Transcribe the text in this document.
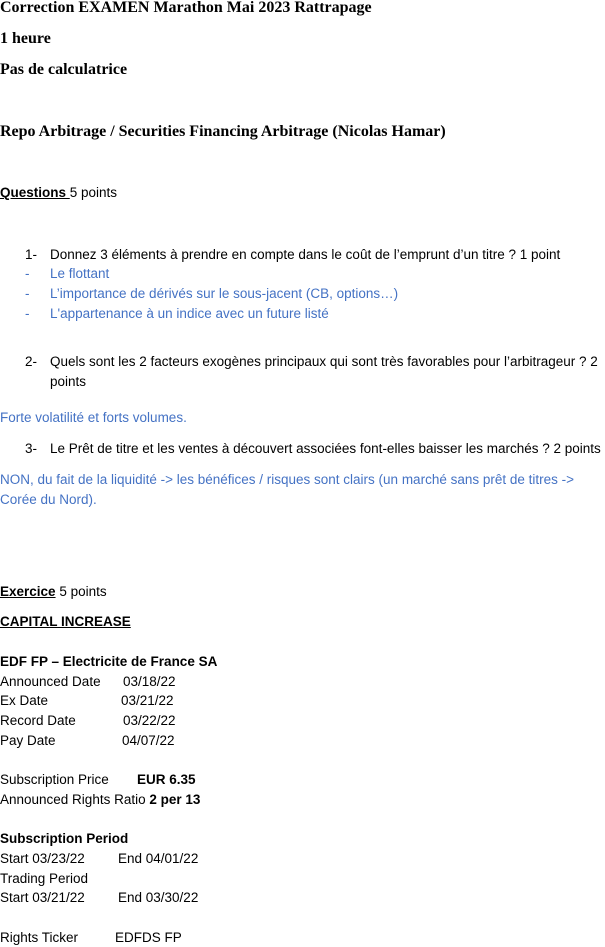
Correction EXAMEN Marathon Mai 2023 Rattrapage
1 heure
Pas de calculatrice
Repo Arbitrage / Securities Financing Arbitrage (Nicolas Hamar)
Questions 5 points
1- Donnez 3 éléments à prendre en compte dans le coût de l’emprunt d’un titre ? 1 point
- Le flottant
- L’importance de dérivés sur le sous-jacent (CB, options…)
- L'appartenance à un indice avec un future listé
2- Quels sont les 2 facteurs exogènes principaux qui sont très favorables pour l’arbitrageur ? 2
points
Forte volatilité et forts volumes.
3- Le Prêt de titre et les ventes à découvert associées font-elles baisser les marchés ? 2 points
NON, du fait de la liquidité -> les bénéfices / risques sont clairs (un marché sans prêt de titres ->
Corée du Nord).
Exercice 5 points
CAPITAL INCREASE
EDF FP – Electricite de France SA
Announced Date 03/18/22
Ex Date	03/21/22
Record Date	03/22/22
Pay Date	04/07/22
Subscription Price EUR 6.35
Announced Rights Ratio 2 per 13
Subscription Period
Start 03/23/22 End 04/01/22
Trading Period
Start 03/21/22 End 03/30/22
Rights Ticker	EDFDS FP
